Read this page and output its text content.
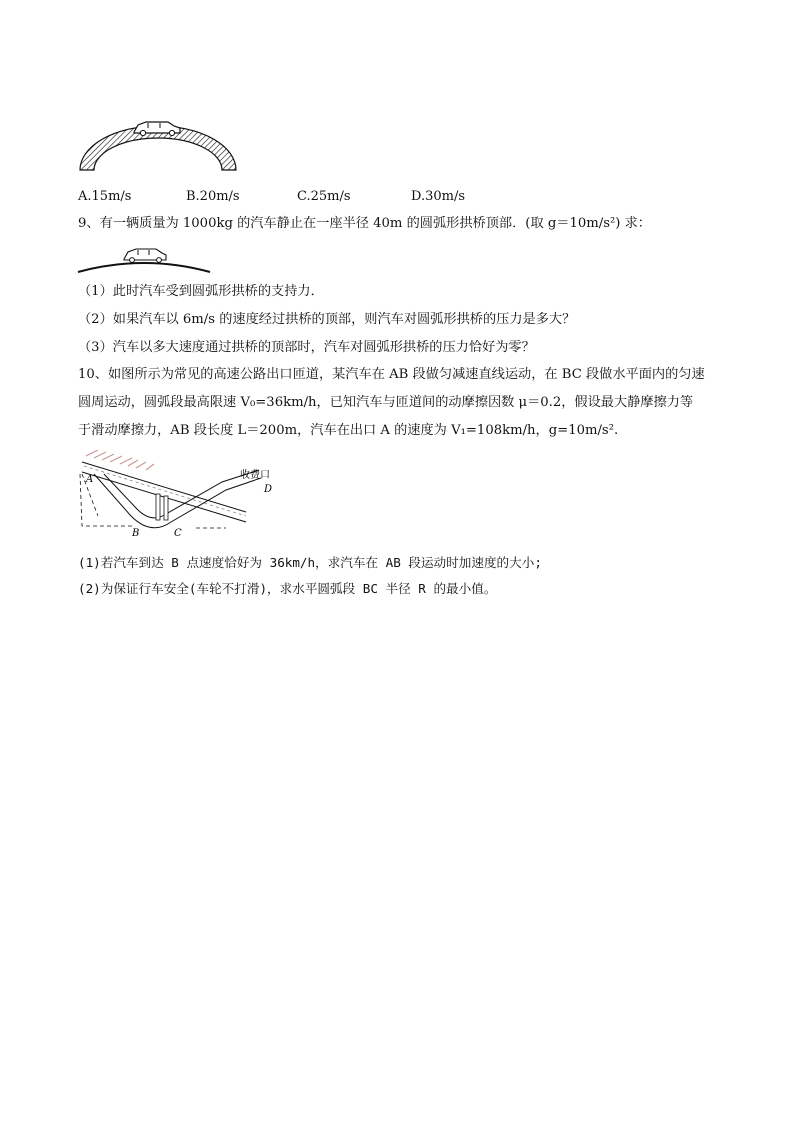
A.15m/s	B.20m/s	C.25m/s	D.30m/s
9、有一辆质量为 1000kg 的汽车静止在一座半径 40m 的圆弧形拱桥顶部．(取 g＝10m/s²) 求：
（1）此时汽车受到圆弧形拱桥的支持力．
（2）如果汽车以 6m/s 的速度经过拱桥的顶部，则汽车对圆弧形拱桥的压力是多大？
（3）汽车以多大速度通过拱桥的顶部时，汽车对圆弧形拱桥的压力恰好为零？
10、如图所示为常见的高速公路出口匝道，某汽车在 AB 段做匀减速直线运动，在 BC 段做水平面内的匀速
圆周运动，圆弧段最高限速 V₀=36km/h，已知汽车与匝道间的动摩擦因数 μ＝0.2，假设最大静摩擦力等
于滑动摩擦力，AB 段长度 L＝200m，汽车在出口 A 的速度为 V₁=108km/h，g=10m/s².
收费口
D
A
B	C
(1)若汽车到达 B 点速度恰好为 36km/h，求汽车在 AB 段运动时加速度的大小;
(2)为保证行车安全(车轮不打滑)，求水平圆弧段 BC 半径 R 的最小值。
